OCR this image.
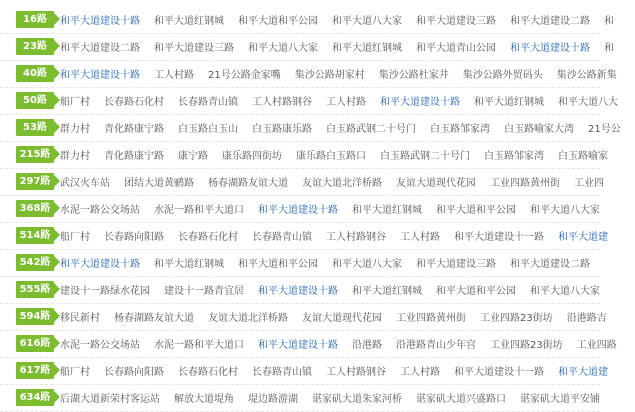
16路	和平大道建设十路 和平大道红钢城 和平大道和平公园 和平大道八大家 和平大道建设三路 和平大道建设二路 和
23路	和平大道建设二路 和平大道建设三路 和平大道八大家 和平大道红钢城 和平大道青山公园 和平大道建设十路 和
40路	和平大道建设十路 工人村路 21号公路金家嘴 集沙公路胡家村 集沙公路杜家井 集沙公路外贸码头 集沙公路新集
50路	船厂村 长春路石化村 长春路青山镇 工人村路钢谷 工人村路 和平大道建设十路 和平大道红钢城 和平大道八大
53路	群力村 青化路康宁路 白玉路白玉山 白玉路康乐路 白玉路武钢二十号门 白玉路邹家湾 白玉路喻家大湾 21号公
215路 群力村 青化路康宁路 康宁路 康乐路四街坊 康乐路白玉路口 白玉路武钢二十号门 白玉路邹家湾 白玉路喻家
297路 武汉火车站 团结大道黄鹂路 杨春湖路友谊大道 友谊大道北洋桥路 友谊大道现代花园 工业四路黄州街 工业四
368路 水泥一路公交场站 水泥一路和平大道口 和平大道建设十路 和平大道红钢城 和平大道和平公园 和平大道八大家
514路 船厂村 长春路向阳路 长春路石化村 长春路青山镇 工人村路钢谷 工人村路 和平大道建设十一路 和平大道建
542路 和平大道建设十路 和平大道红钢城 和平大道和平公园 和平大道八大家 和平大道建设三路 和平大道建设二路
555路 建设十一路绿水花园 建设十一路青宜居 和平大道建设十路 和平大道红钢城 和平大道和平公园 和平大道八大家
594路 移民新村 杨春湖路友谊大道 友谊大道北洋桥路 友谊大道现代花园 工业四路黄州街 工业四路23街坊 沿港路吉
616路 水泥一路公交场站 水泥一路和平大道口 和平大道建设十路 沿港路 沿港路青山少年宫 工业四路23街坊 工业四路
617路 船厂村 长春路向阳路 长春路石化村 长春路青山镇 工人村路钢谷 工人村路 和平大道建设十一路 和平大道建
634路 后湖大道新荣村客运站 解放大道堤角 堤边路游湖 谌家矶大道朱家河桥 谌家矶大道兴盛路口 谌家矶大道平安铺
